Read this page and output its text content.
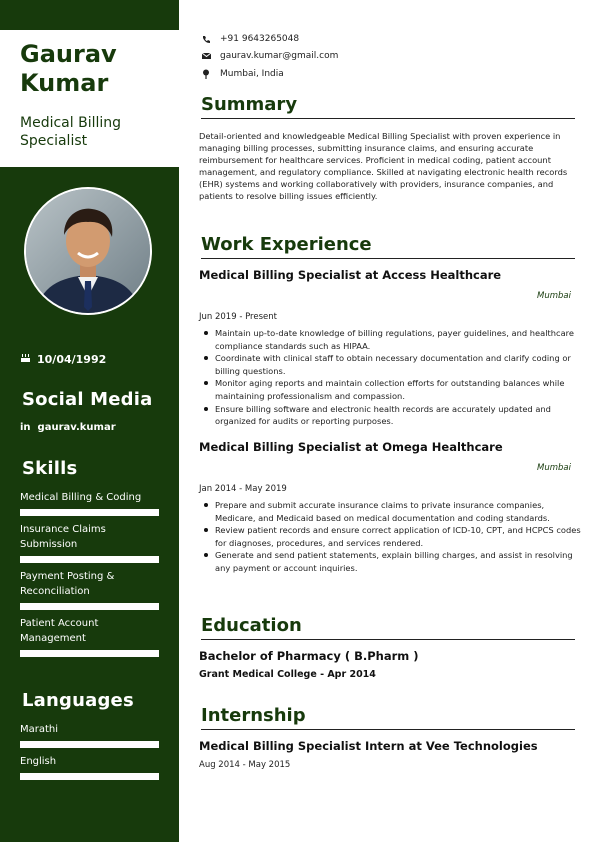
Gaurav Kumar
Medical Billing Specialist
10/04/1992
Social Media
in gaurav.kumar
Skills
Medical Billing & Coding
Insurance Claims Submission
Payment Posting & Reconciliation
Patient Account Management
Languages
Marathi
English
+91 9643265048
gaurav.kumar@gmail.com
Mumbai, India
Summary
Detail-oriented and knowledgeable Medical Billing Specialist with proven experience in managing billing processes, submitting insurance claims, and ensuring accurate reimbursement for healthcare services. Proficient in medical coding, patient account management, and regulatory compliance. Skilled at navigating electronic health records (EHR) systems and working collaboratively with providers, insurance companies, and patients to resolve billing issues efficiently.
Work Experience
Medical Billing Specialist at Access Healthcare
Mumbai
Jun 2019 - Present
Maintain up-to-date knowledge of billing regulations, payer guidelines, and healthcare compliance standards such as HIPAA.
Coordinate with clinical staff to obtain necessary documentation and clarify coding or billing questions.
Monitor aging reports and maintain collection efforts for outstanding balances while maintaining professionalism and compassion.
Ensure billing software and electronic health records are accurately updated and organized for audits or reporting purposes.
Medical Billing Specialist at Omega Healthcare
Mumbai
Jan 2014 - May 2019
Prepare and submit accurate insurance claims to private insurance companies, Medicare, and Medicaid based on medical documentation and coding standards.
Review patient records and ensure correct application of ICD-10, CPT, and HCPCS codes for diagnoses, procedures, and services rendered.
Generate and send patient statements, explain billing charges, and assist in resolving any payment or account inquiries.
Education
Bachelor of Pharmacy ( B.Pharm )
Grant Medical College - Apr 2014
Internship
Medical Billing Specialist Intern at Vee Technologies
Aug 2014 - May 2015
